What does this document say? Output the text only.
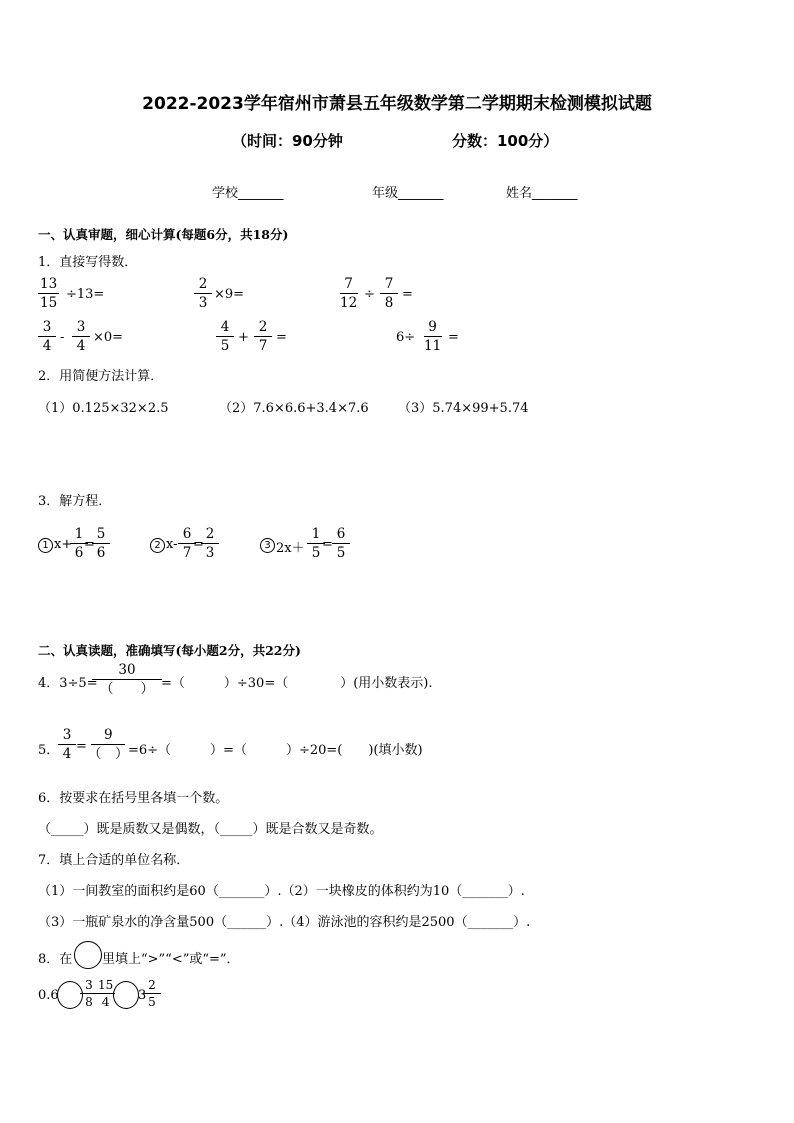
2022-2023学年宿州市萧县五年级数学第二学期期末检测模拟试题
（时间：90分钟	分数：100分）
学校_______	年级_______	姓名_______
一、认真审题，细心计算(每题6分，共18分)
1．直接写得数．
$\frac{13}{15} \div 13=$	$\frac{2}{3} \times 9=$	$\frac{7}{12} \div \frac{7}{8}$ =
$\frac{3}{4} - \frac{3}{4} \times 0=$	$\frac{4}{5} + \frac{2}{7}$ =	$6\div \frac{9}{11}$ =
2．用简便方法计算．
（1）0.125×32×2.5	（2）7.6×6.6+3.4×7.6 （3）5.74×99+5.74
3．解方程．
1 x+
$\frac{1}{6}$
=
$\frac{5}{6}$	2 $x- \frac{6}{7}$
=
$\frac{2}{3}$	3 $2x+ \frac{1}{5}$
= $\frac{6}{5}$
二、认真读题，准确填写(每小题2分，共22分)
4．3÷5=
30
（　　） =（　　　）÷30=（　　　　）(用小数表示).
5．
$\frac{3}{4}$ =
9
（　） =6÷（　　　）=（　　　）÷20=(　　)(填小数)
6．按要求在括号里各填一个数。
（_____）既是质数又是偶数，（_____）既是合数又是奇数。
7．填上合适的单位名称．
（1）一间教室的面积约是60（_______）.（2）一块橡皮的体积约为10（_______）.
（3）一瓶矿泉水的净含量500（______）.（4）游泳池的容积约是2500（_______）.
8．在 里填上“>”“<”或“=”．
$0.6 \frac{3}{8}$
$\frac{15}{4} 3$
$\frac{2}{5}$
